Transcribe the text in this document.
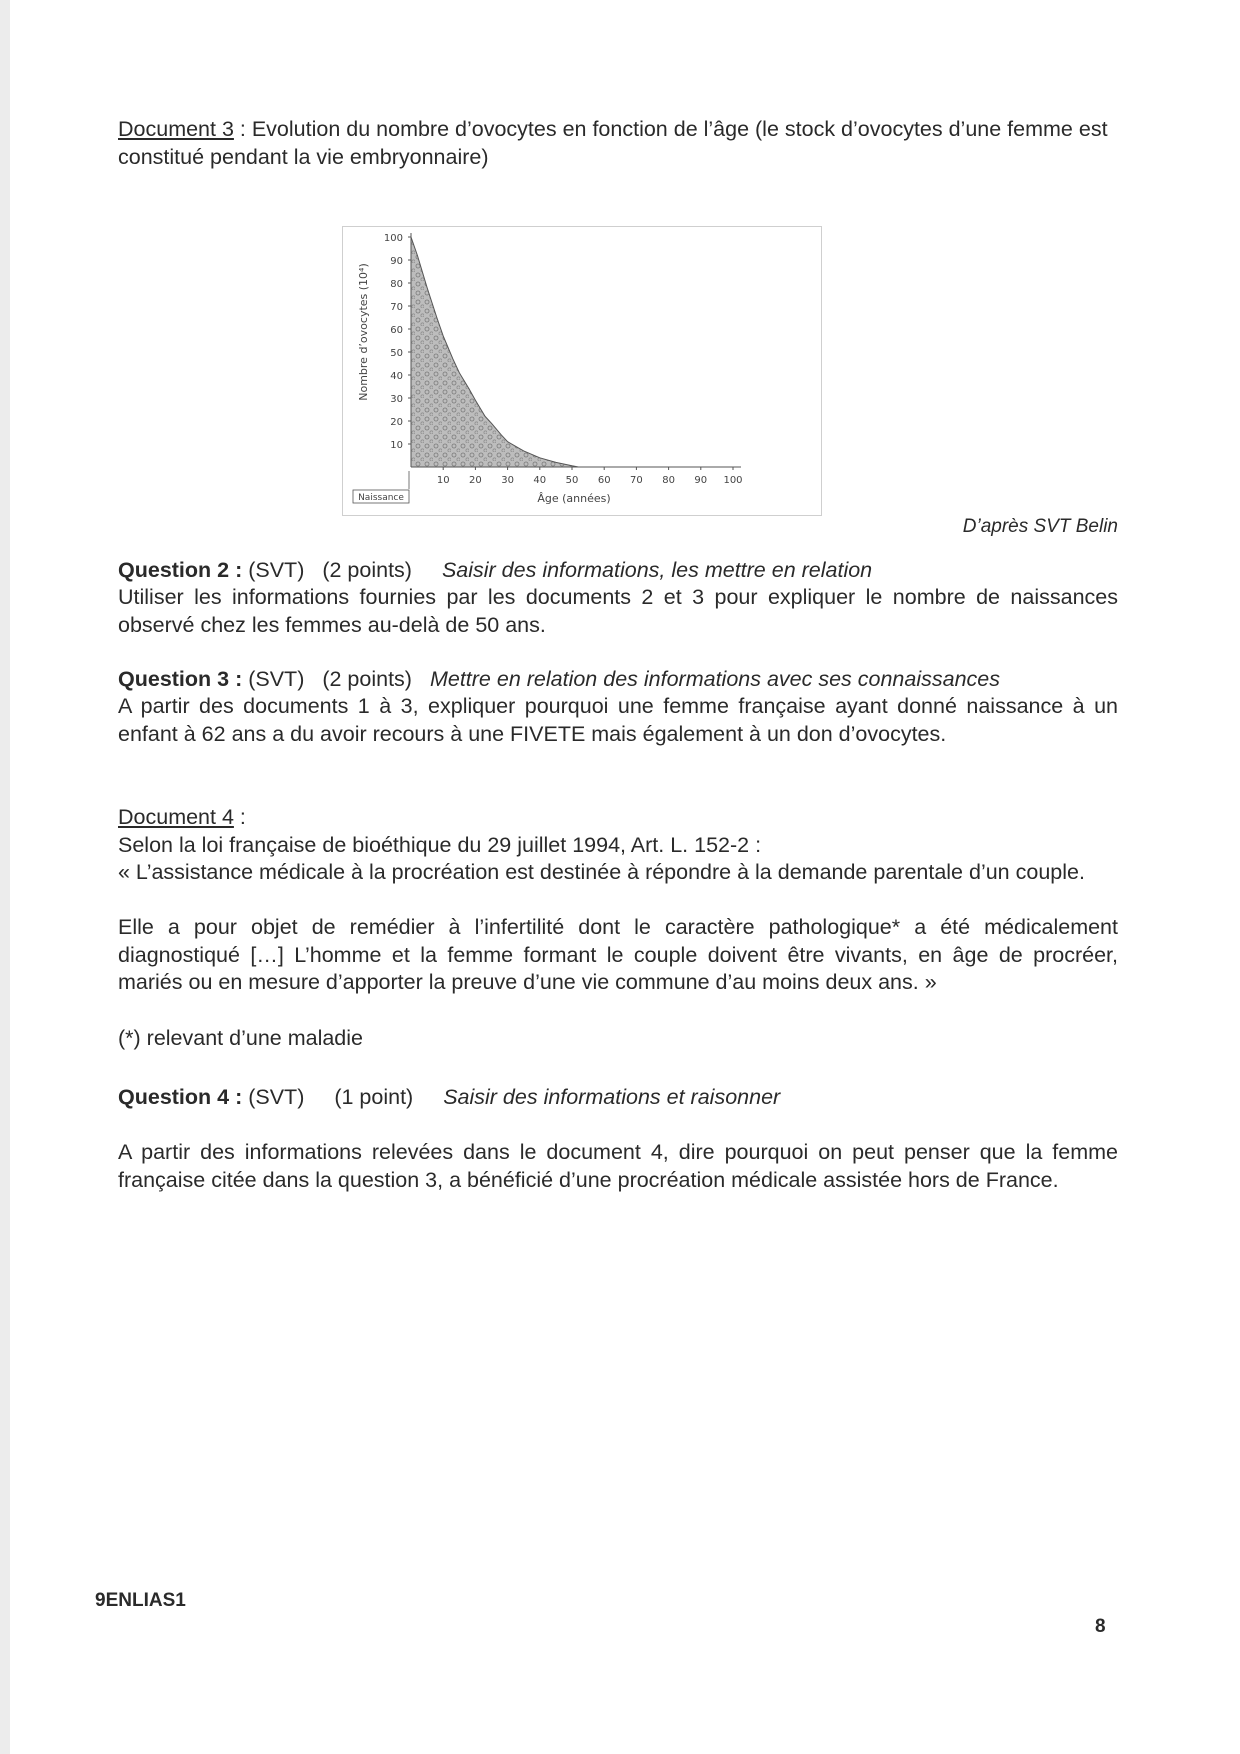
Document 3 : Evolution du nombre d’ovocytes en fonction de l’âge (le stock d’ovocytes d’une femme est constitué pendant la vie embryonnaire)
Nombre d’ovocytes (10⁴)
Âge (années)
Naissance
10
20
30
40
50
60
70
80
90
100
10 20 30 40 50 60 70 80 90 100
D’après SVT Belin
Question 2 : (SVT) (2 points) Saisir des informations, les mettre en relation
Utiliser les informations fournies par les documents 2 et 3 pour expliquer le nombre de naissances observé chez les femmes au-delà de 50 ans.
Question 3 : (SVT) (2 points) Mettre en relation des informations avec ses connaissances
A partir des documents 1 à 3, expliquer pourquoi une femme française ayant donné naissance à un enfant à 62 ans a du avoir recours à une FIVETE mais également à un don d’ovocytes.
Document 4 :
Selon la loi française de bioéthique du 29 juillet 1994, Art. L. 152-2 :
« L’assistance médicale à la procréation est destinée à répondre à la demande parentale d’un couple.
Elle a pour objet de remédier à l’infertilité dont le caractère pathologique* a été médicalement diagnostiqué […] L’homme et la femme formant le couple doivent être vivants, en âge de procréer, mariés ou en mesure d’apporter la preuve d’une vie commune d’au moins deux ans. »
(*) relevant d’une maladie
Question 4 : (SVT) (1 point) Saisir des informations et raisonner
A partir des informations relevées dans le document 4, dire pourquoi on peut penser que la femme française citée dans la question 3, a bénéficié d’une procréation médicale assistée hors de France.
9ENLIAS1
8
